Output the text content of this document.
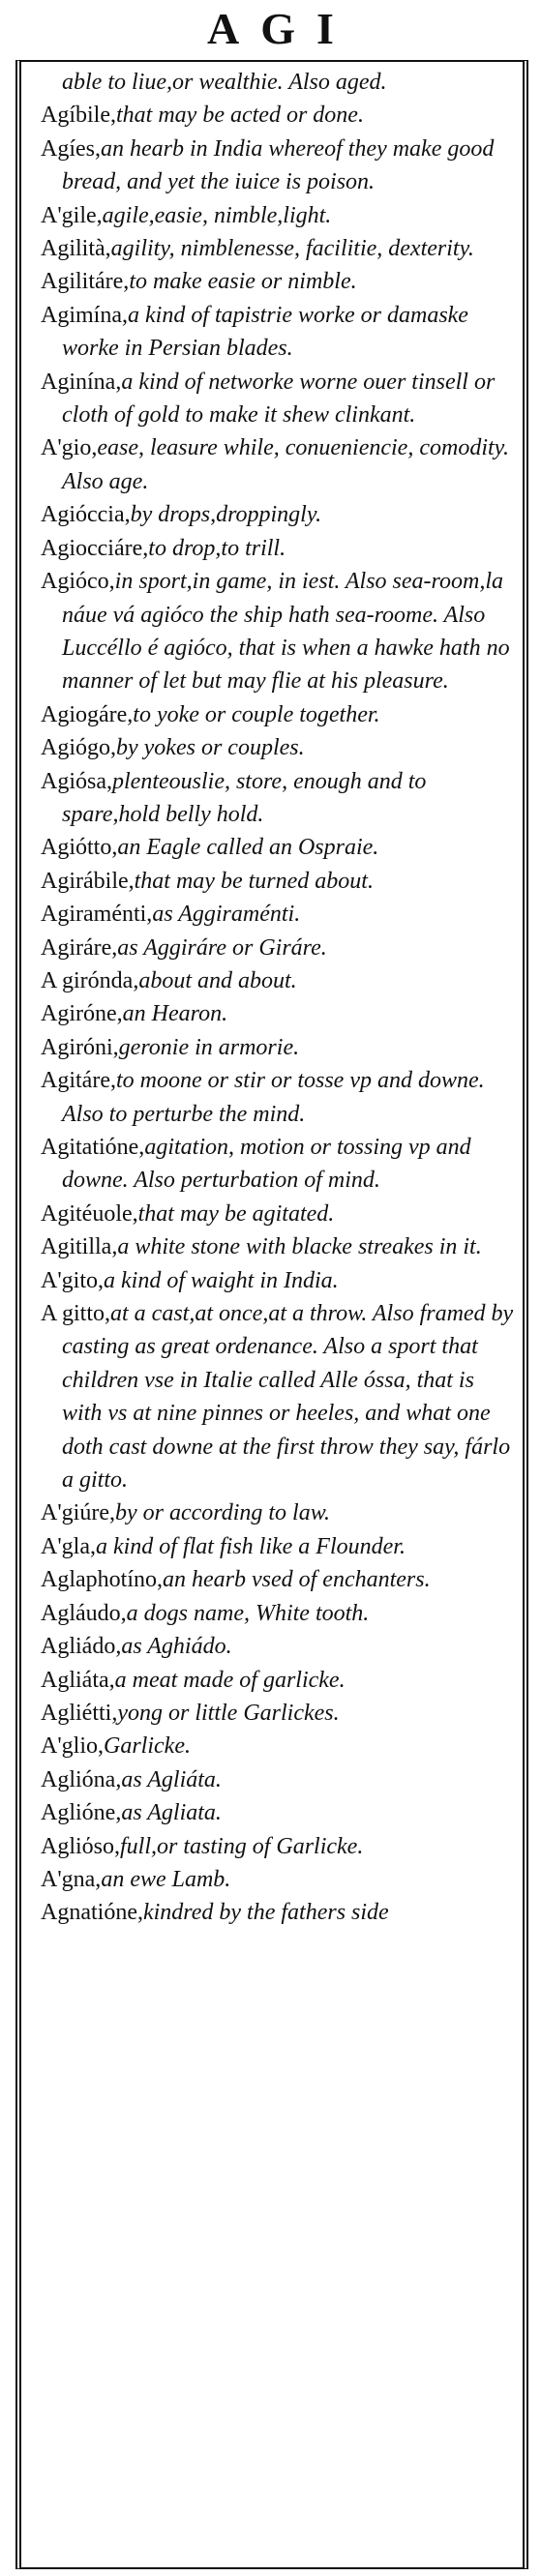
AGI
able to liue,or wealthie. Also aged.
Agíbile,that may be acted or done.
Agíes,an hearb in India whereof they make good bread, and yet the iuice is poison.
A'gile,agile,easie, nimble,light.
Agilità,agility, nimblenesse, facilitie, dexterity.
Agilitáre,to make easie or nimble.
Agimína,a kind of tapistrie worke or damaske worke in Persian blades.
Aginína,a kind of networke worne ouer tinsell or cloth of gold to make it shew clinkant.
A'gio,ease, leasure while, conueniencie, comodity. Also age.
Agióccia,by drops,droppingly.
Agiocciáre,to drop,to trill.
Agióco,in sport,in game, in iest. Also sea-room,la náue vá agióco the ship hath sea-roome. Also Luccéllo é agióco, that is when a hawke hath no manner of let but may flie at his pleasure.
Agiogáre,to yoke or couple together.
Agiógo,by yokes or couples.
Agiósa,plenteouslie, store, enough and to spare,hold belly hold.
Agiótto,an Eagle called an Ospraie.
Agirábile,that may be turned about.
Agiraménti,as Aggiraménti.
Agiráre,as Aggiráre or Giráre.
A girónda,about and about.
Agiróne,an Hearon.
Agiróni,geronie in armorie.
Agitáre,to moone or stir or tosse vp and downe. Also to perturbe the mind.
Agitatióne,agitation, motion or tossing vp and downe. Also perturbation of mind.
Agitéuole,that may be agitated.
Agitilla,a white stone with blacke streakes in it.
A'gito,a kind of waight in India.
A gitto,at a cast,at once,at a throw. Also framed by casting as great ordenance. Also a sport that children vse in Italie called Alle óssa, that is with vs at nine pinnes or heeles, and what one doth cast downe at the first throw they say, fárlo a gitto.
A'giúre,by or according to law.
A'gla,a kind of flat fish like a Flounder.
Aglaphotíno,an hearb vsed of enchanters.
Agláudo,a dogs name, White tooth.
Agliádo,as Aghiádo.
Agliáta,a meat made of garlicke.
Agliétti,yong or little Garlickes.
A'glio,Garlicke.
Aglióna,as Agliáta.
Aglióne,as Agliata.
Agliόso,full,or tasting of Garlicke.
A'gna,an ewe Lamb.
Agnatióne,kindred by the fathers side
